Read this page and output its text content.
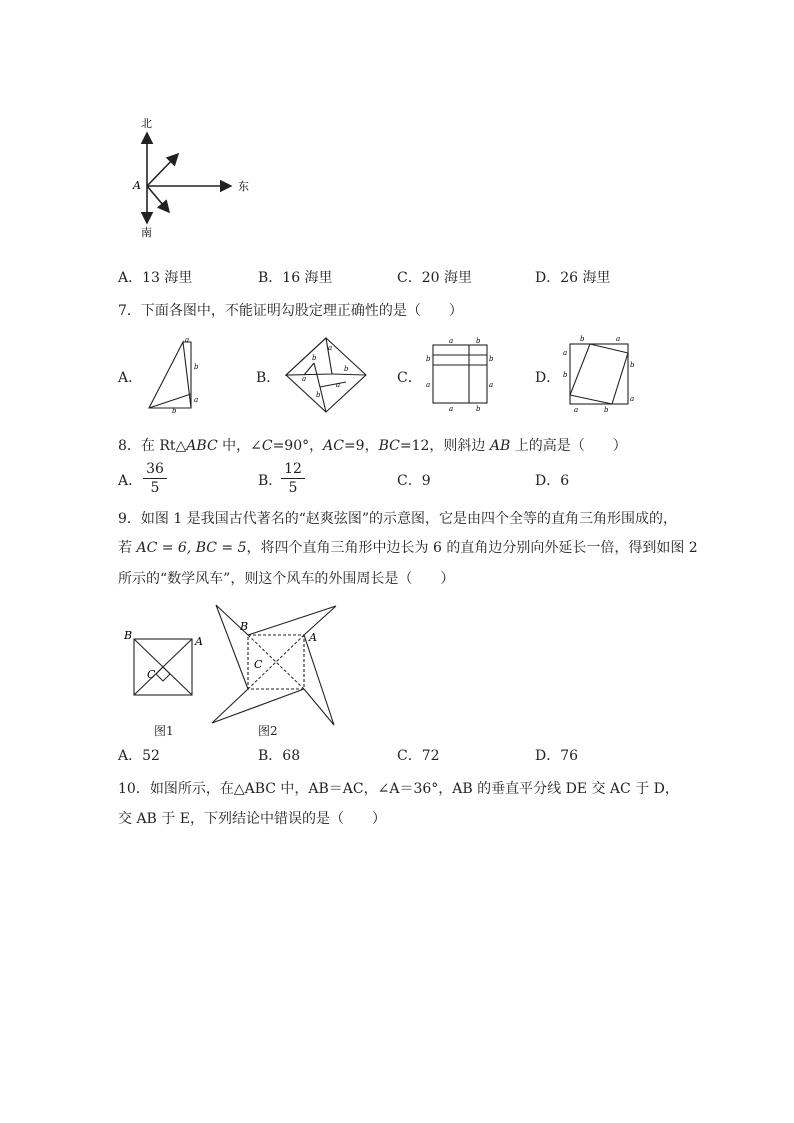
北
南
东
A
A．13 海里	B．16 海里	C．20 海里	D．26 海里
7．下面各图中，不能证明勾股定理正确性的是（　　）
A．
a
b
a
b
B．
a
b
a
b
a
b
C．
a	b
b
a
b
a
a	b
D．
b	a
a
b
b
a
a	b
8．在 Rt△ABC 中，∠C=90°，AC=9，BC=12，则斜边 AB 上的高是（　　）
A．
36
5	B．
12
5	C．9	D．6
9．如图 1 是我国古代著名的“赵爽弦图”的示意图，它是由四个全等的直角三角形围成的，
若 AC = 6, BC = 5，将四个直角三角形中边长为 6 的直角边分别向外延长一倍，得到如图 2
所示的“数学风车”，则这个风车的外围周长是（　　）
B	A
C
图1
B
A
C
图2
A．52	B．68	C．72	D．76
10．如图所示，在△ABC 中，AB＝AC，∠A＝36°，AB 的垂直平分线 DE 交 AC 于 D，
交 AB 于 E，下列结论中错误的是（　　）
